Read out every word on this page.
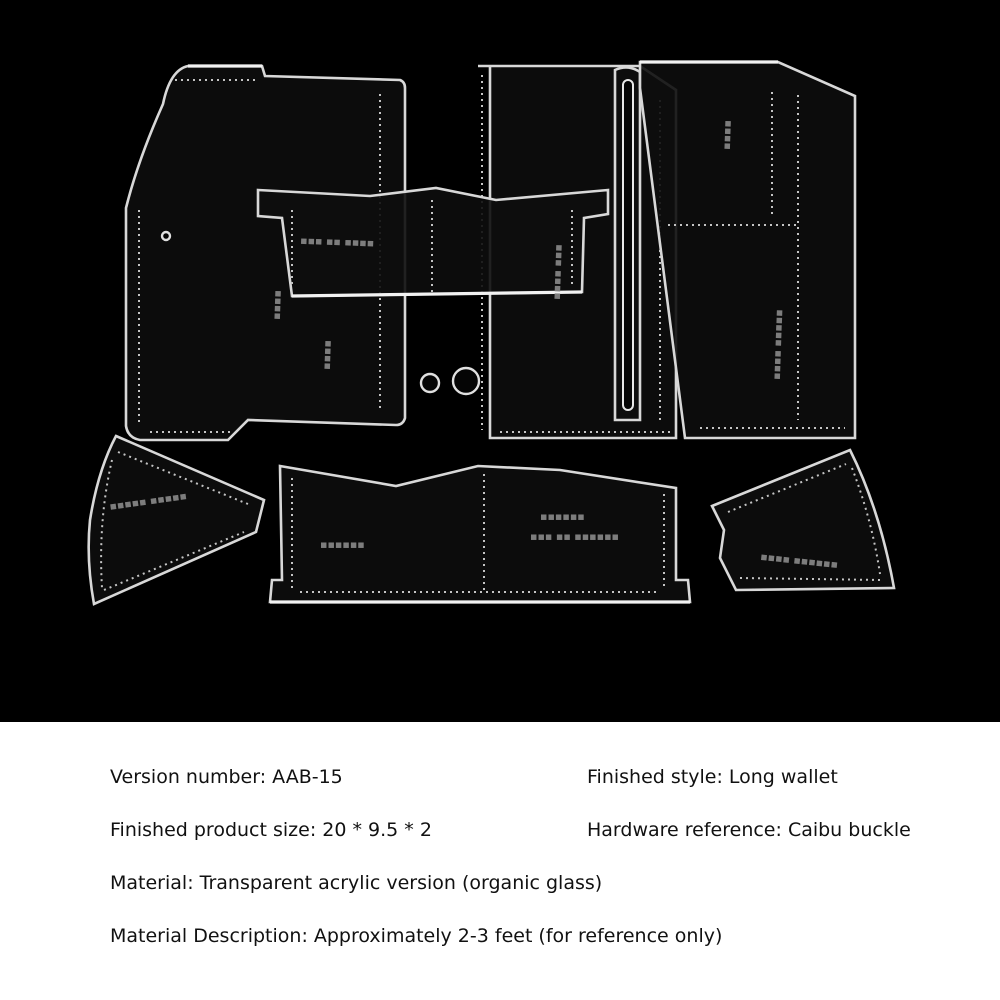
▪▪▪ ▪▪ ▪▪▪▪
▪▪▪ ▪▪ ▪▪▪▪▪▪
▪▪▪▪▪▪
▪▪▪▪▪▪
▪▪▪▪▪ ▪▪▪▪▪
▪▪▪▪ ▪▪▪▪▪▪
▪▪▪▪ ▪▪▪
▪▪▪▪ ▪▪▪▪▪
▪▪▪▪
▪▪▪▪
▪▪▪▪
Version number: AAB-15	Finished style: Long wallet
Finished product size: 20 * 9.5 * 2	Hardware reference: Caibu buckle
Material: Transparent acrylic version (organic glass)
Material Description: Approximately 2-3 feet (for reference only)
